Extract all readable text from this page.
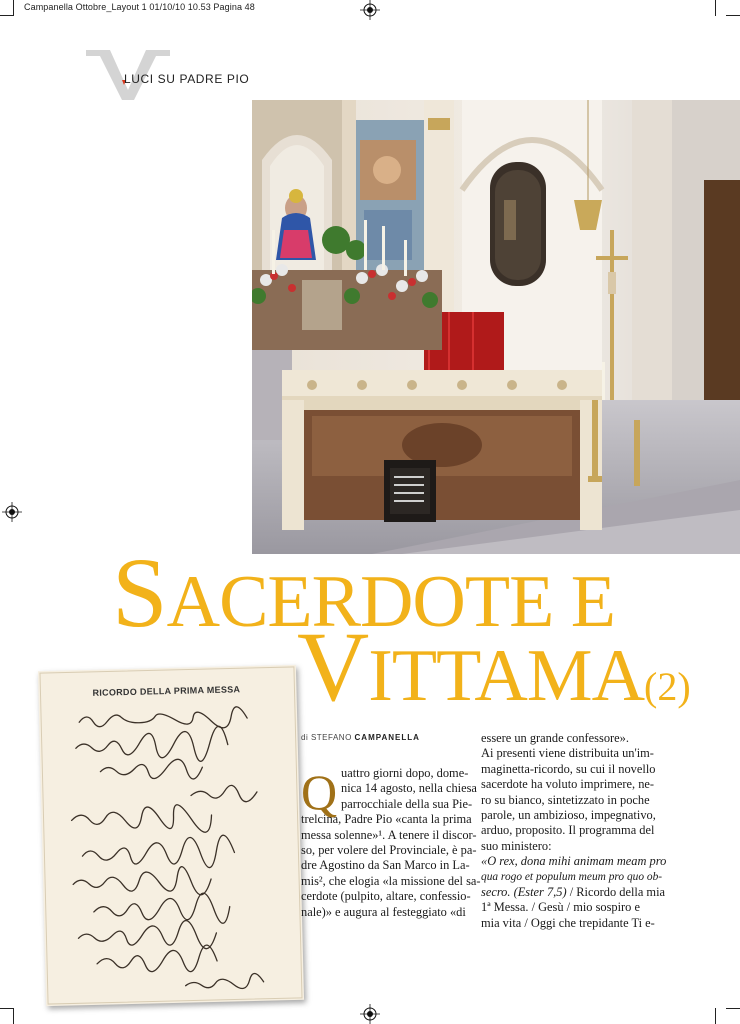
Campanella Ottobre_Layout 1 01/10/10 10.53 Pagina 48
LUCI SU PADRE PIO
SACERDOTE E
VITTAMA(2)
RICORDO DELLA PRIMA MESSA
di STEFANO CAMPANELLA
Q uattro giorni dopo, dome-
nica 14 agosto, nella chiesa
parrocchiale della sua Pie-
trelcina, Padre Pio «canta la prima
messa solenne»¹. A tenere il discor-
so, per volere del Provinciale, è pa-
dre Agostino da San Marco in La-
mis², che elogia «la missione del sa-
cerdote (pulpito, altare, confessio-
nale)» e augura al festeggiato «di
essere un grande confessore».
Ai presenti viene distribuita un'im-
maginetta-ricordo, su cui il novello
sacerdote ha voluto imprimere, ne-
ro su bianco, sintetizzato in poche
parole, un ambizioso, impegnativo,
arduo, proposito. Il programma del
suo ministero:
«O rex, dona mihi animam meam pro
qua rogo et populum meum pro quo ob-
secro. (Ester 7,5) / Ricordo della mia
1ª Messa. / Gesù / mio sospiro e
mia vita / Oggi che trepidante Ti e-
